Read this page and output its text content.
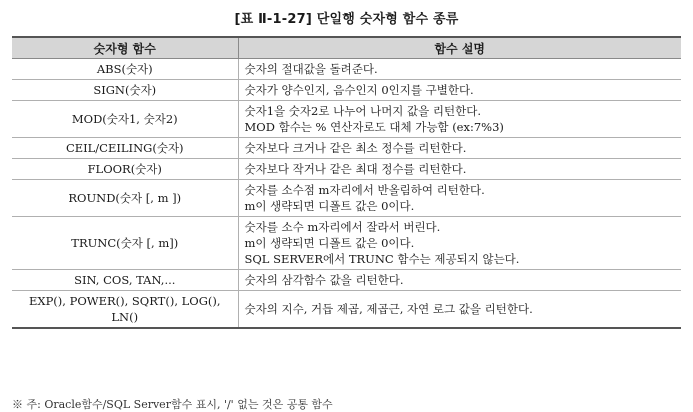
[표 Ⅱ-1-27] 단일행 숫자형 함수 종류
숫자형 함수	함수 설명

ABS(숫자)	숫자의 절대값을 돌려준다.

SIGN(숫자)	숫자가 양수인지, 음수인지 0인지를 구별한다.

MOD(숫자1, 숫자2)	숫자1을 숫자2로 나누어 나머지 값을 리턴한다.
MOD 함수는 % 연산자로도 대체 가능함 (ex:7%3)

CEIL/CEILING(숫자)	숫자보다 크거나 같은 최소 정수를 리턴한다.

FLOOR(숫자)	숫자보다 작거나 같은 최대 정수를 리턴한다.

ROUND(숫자 [, m ])	숫자를 소수점 m자리에서 반올림하여 리턴한다.
m이 생략되면 디폴트 값은 0이다.

TRUNC(숫자 [, m])	숫자를 소수 m자리에서 잘라서 버린다.
m이 생략되면 디폴트 값은 0이다.
SQL SERVER에서 TRUNC 함수는 제공되지 않는다.

SIN, COS, TAN,...	숫자의 삼각함수 값을 리턴한다.

EXP(), POWER(), SQRT(), LOG(),
LN()	숫자의 지수, 거듭 제곱, 제곱근, 자연 로그 값을 리턴한다.
※ 주: Oracle함수/SQL Server함수 표시, '/' 없는 것은 공통 함수
